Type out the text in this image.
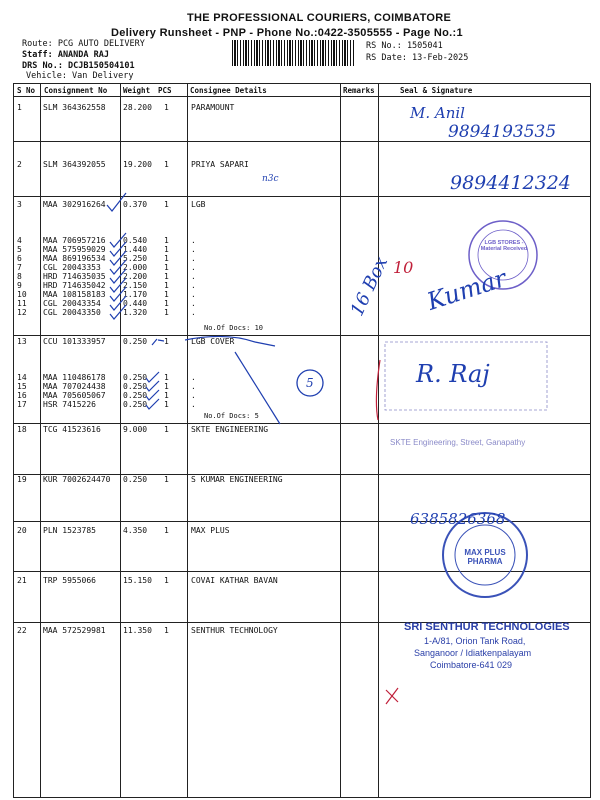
THE PROFESSIONAL COURIERS, COIMBATORE
Delivery Runsheet - PNP - Phone No.:0422-3505555 - Page No.:1
Route: PCG AUTO DELIVERY
Staff: ANANDA RAJ
DRS No.: DCJB150504101
Vehicle: Van Delivery
RS No.: 1505041
RS Date: 13-Feb-2025
S No Consignment No Weight PCS Consignee Details	Remarks	Seal & Signature
1	SLM 364362558 28.200 1	PARAMOUNT
2	SLM 364392055 19.200 1	PRIYA SAPARI
3	MAA 302916264 0.370 1	LGB
4	MAA 706957216 0.540 1	.
5	MAA 575959029 1.440 1	.
6	MAA 869196534 5.250 1	.
7	CGL 20043353	2.000 1	.
8	HRD 714635035 2.200 1	.
9	HRD 714635042 2.150 1	.
10 MAA 108158183 1.170 1	.
11 CGL 20043354	0.440 1	.
12 CGL 20043350	1.320 1	.
13 CCU 101333957 0.250 1	LGB COVER
14 MAA 110486178 0.250 1	.
15 MAA 707024438 0.250 1	.
16 MAA 705605067 0.250 1	.
17 HSR 7415226	0.250 1	.
18 TCG 41523616	9.000 1	SKTE ENGINEERING
19 KUR 7002624470 0.250 1	S KUMAR ENGINEERING
20 PLN 1523785	4.350 1	MAX PLUS
21 TRP 5955066	15.150 1	COVAI KATHAR BAVAN
22 MAA 572529981 11.350 1	SENTHUR TECHNOLOGY
No.Of Docs: 10
No.Of Docs: 5
M. Anil
9894193535
9894412324
n3c
16 Box 10 Kumar
5	R. Raj
6385826368
LGB STORES - Material Received
SKTE Engineering, Street, Ganapathy
MAX PLUS PHARMA
SRI SENTHUR TECHNOLOGIES
1-A/81, Orion Tank Road,
Sanganoor / Idiatkenpalayam
Coimbatore-641 029
